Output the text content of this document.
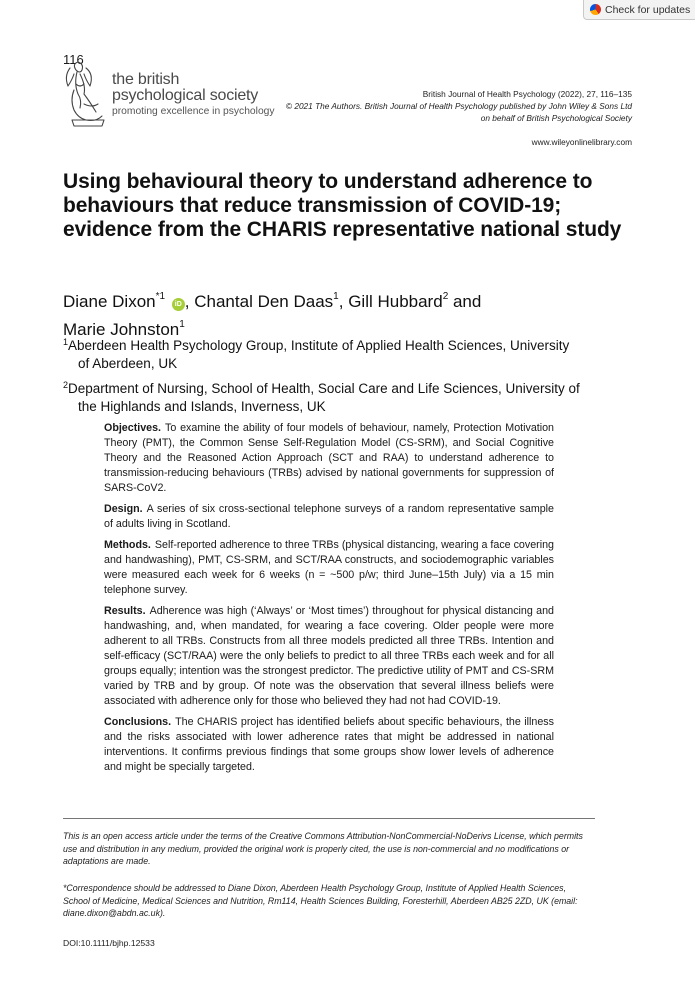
Check for updates
116
the british
psychological society
promoting excellence in psychology
British Journal of Health Psychology (2022), 27, 116–135
© 2021 The Authors. British Journal of Health Psychology published by John Wiley & Sons Ltd
on behalf of British Psychological Society
www.wileyonlinelibrary.com
Using behavioural theory to understand adherence to behaviours that reduce transmission of COVID-19; evidence from the CHARIS representative national study
Diane Dixon$^{*1}$ iD , Chantal Den Daas$^1$, Gill Hubbard$^2$ and
Marie Johnston$^1$
$^1$Aberdeen Health Psychology Group, Institute of Applied Health Sciences, University
of Aberdeen, UK
$^2$Department of Nursing, School of Health, Social Care and Life Sciences, University of
the Highlands and Islands, Inverness, UK

Objectives. To examine the ability of four models of behaviour, namely, Protection Motivation Theory (PMT), the Common Sense Self-Regulation Model (CS-SRM), and Social Cognitive Theory and the Reasoned Action Approach (SCT and RAA) to understand adherence to transmission-reducing behaviours (TRBs) advised by national governments for suppression of SARS-CoV2.

Design. A series of six cross-sectional telephone surveys of a random representative sample of adults living in Scotland.

Methods. Self-reported adherence to three TRBs (physical distancing, wearing a face covering and handwashing), PMT, CS-SRM, and SCT/RAA constructs, and sociodemographic variables were measured each week for 6 weeks (n = ~500 p/w; third June–15th July) via a 15 min telephone survey.

Results. Adherence was high (‘Always’ or ‘Most times’) throughout for physical distancing and handwashing, and, when mandated, for wearing a face covering. Older people were more adherent to all TRBs. Constructs from all three models predicted all three TRBs. Intention and self-efficacy (SCT/RAA) were the only beliefs to predict to all three TRBs each week and for all groups equally; intention was the strongest predictor. The predictive utility of PMT and CS-SRM varied by TRB and by group. Of note was the observation that several illness beliefs were associated with adherence only for those who believed they had not had COVID-19.

Conclusions. The CHARIS project has identified beliefs about specific behaviours, the illness and the risks associated with lower adherence rates that might be addressed in national interventions. It confirms previous findings that some groups show lower levels of adherence and might be specially targeted.

This is an open access article under the terms of the Creative Commons Attribution-NonCommercial-NoDerivs License, which permits use and distribution in any medium, provided the original work is properly cited, the use is non-commercial and no modifications or adaptations are made.
*Correspondence should be addressed to Diane Dixon, Aberdeen Health Psychology Group, Institute of Applied Health Sciences, School of Medicine, Medical Sciences and Nutrition, Rm114, Health Sciences Building, Foresterhill, Aberdeen AB25 2ZD, UK (email: diane.dixon@abdn.ac.uk).
DOI:10.1111/bjhp.12533
